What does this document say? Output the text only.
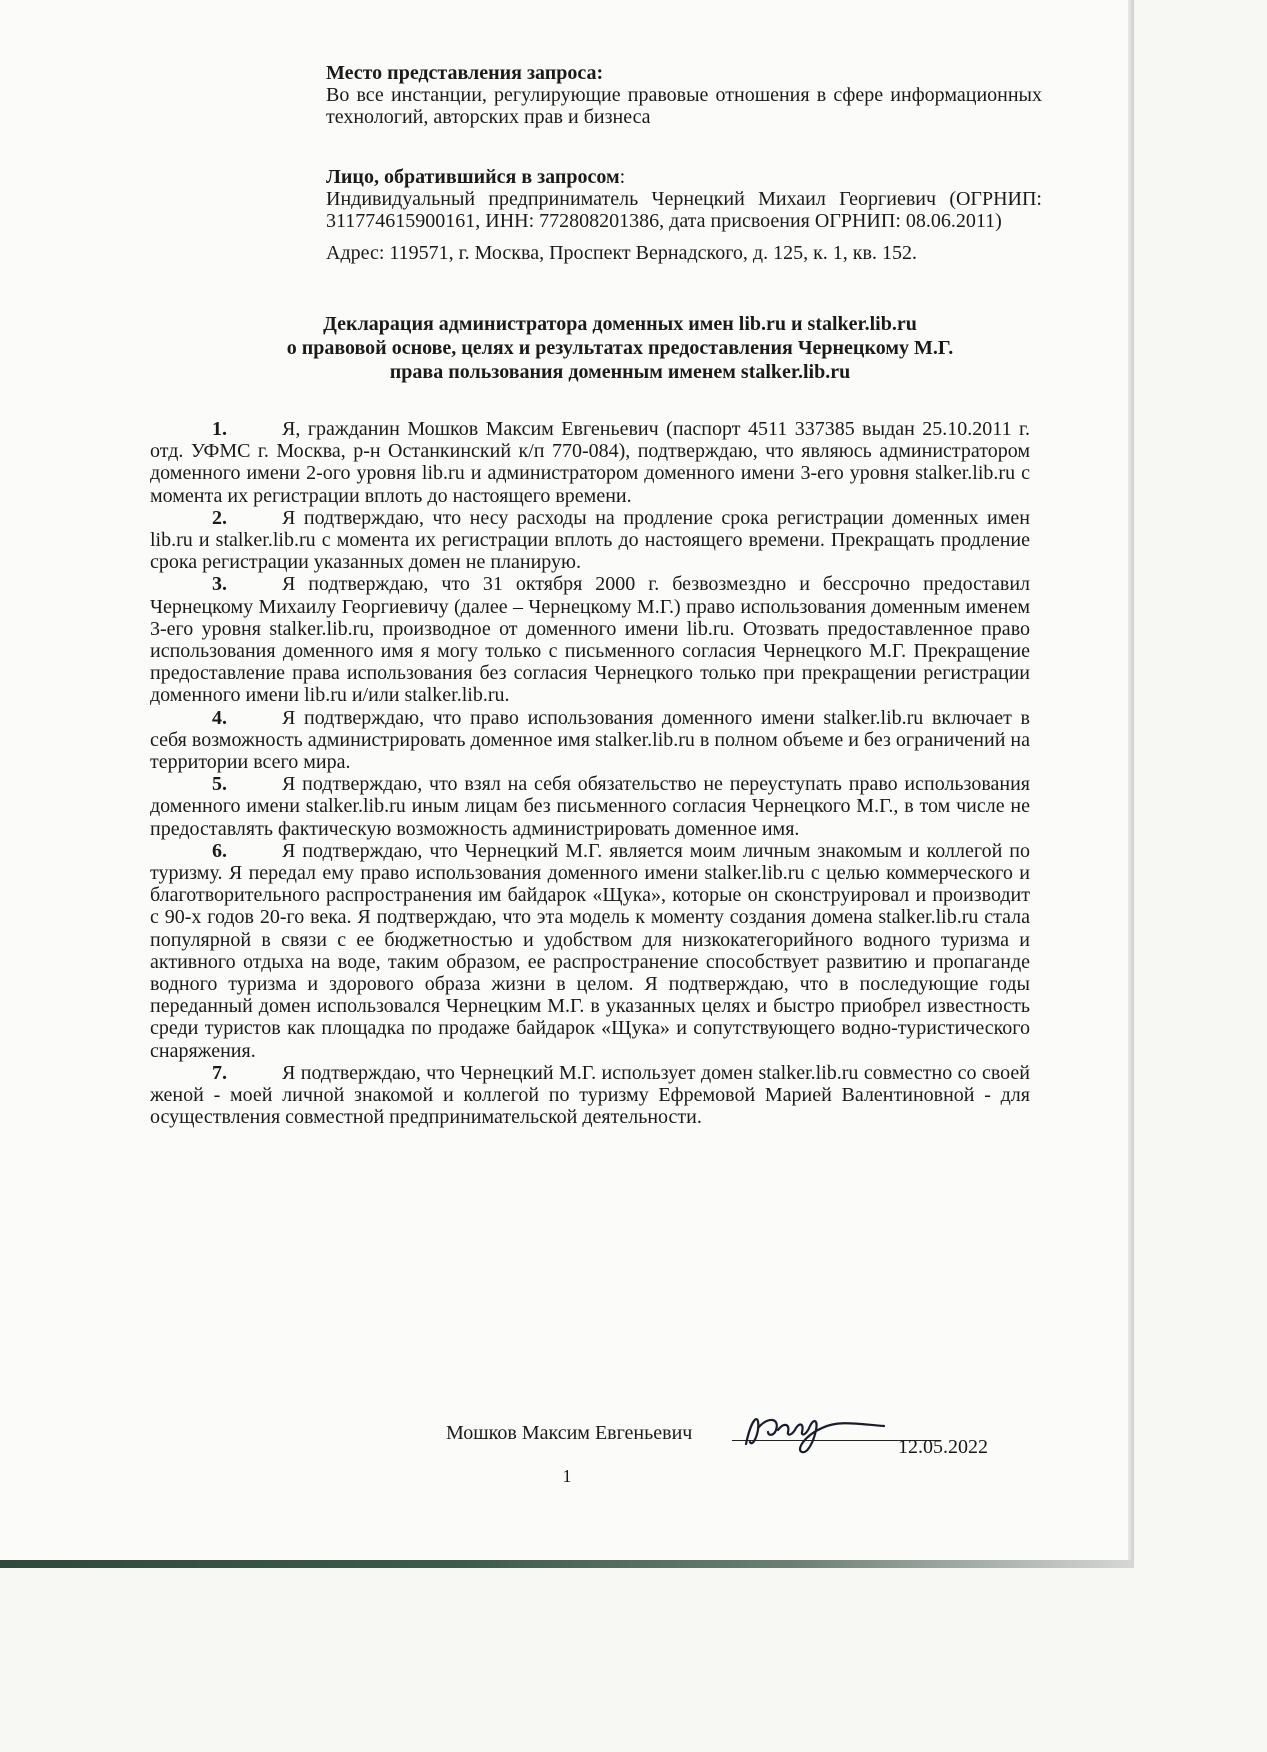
Место представления запроса:
Во все инстанции, регулирующие правовые отношения в сфере информационных технологий, авторских прав и бизнеса
Лицо, обратившийся в запросом:
Индивидуальный предприниматель Чернецкий Михаил Георгиевич (ОГРНИП: 311774615900161, ИНН: 772808201386, дата присвоения ОГРНИП: 08.06.2011)
Адрес: 119571, г. Москва, Проспект Вернадского, д. 125, к. 1, кв. 152.
Декларация администратора доменных имен lib.ru и stalker.lib.ru
о правовой основе, целях и результатах предоставления Чернецкому М.Г.
права пользования доменным именем stalker.lib.ru

1.	Я, гражданин Мошков Максим Евгеньевич (паспорт 4511 337385 выдан 25.10.2011 г. отд. УФМС г. Москва, р-н Останкинский к/п 770-084), подтверждаю, что являюсь администратором доменного имени 2-ого уровня lib.ru и администратором доменного имени 3-его уровня stalker.lib.ru с момента их регистрации вплоть до настоящего времени.

2.	Я подтверждаю, что несу расходы на продление срока регистрации доменных имен lib.ru и stalker.lib.ru с момента их регистрации вплоть до настоящего времени. Прекращать продление срока регистрации указанных домен не планирую.

3.	Я подтверждаю, что 31 октября 2000 г. безвозмездно и бессрочно предоставил Чернецкому Михаилу Георгиевичу (далее – Чернецкому М.Г.) право использования доменным именем 3-его уровня stalker.lib.ru, производное от доменного имени lib.ru. Отозвать предоставленное право использования доменного имя я могу только с письменного согласия Чернецкого М.Г. Прекращение предоставление права использования без согласия Чернецкого только при прекращении регистрации доменного имени lib.ru и/или stalker.lib.ru.

4.	Я подтверждаю, что право использования доменного имени stalker.lib.ru включает в себя возможность администрировать доменное имя stalker.lib.ru в полном объеме и без ограничений на территории всего мира.

5.	Я подтверждаю, что взял на себя обязательство не переуступать право использования доменного имени stalker.lib.ru иным лицам без письменного согласия Чернецкого М.Г., в том числе не предоставлять фактическую возможность администрировать доменное имя.

6.	Я подтверждаю, что Чернецкий М.Г. является моим личным знакомым и коллегой по туризму. Я передал ему право использования доменного имени stalker.lib.ru с целью коммерческого и благотворительного распространения им байдарок «Щука», которые он сконструировал и производит с 90-х годов 20-го века. Я подтверждаю, что эта модель к моменту создания домена stalker.lib.ru стала популярной в связи с ее бюджетностью и удобством для низкокатегорийного водного туризма и активного отдыха на воде, таким образом, ее распространение способствует развитию и пропаганде водного туризма и здорового образа жизни в целом. Я подтверждаю, что в последующие годы переданный домен использовался Чернецким М.Г. в указанных целях и быстро приобрел известность среди туристов как площадка по продаже байдарок «Щука» и сопутствующего водно-туристического снаряжения.

7.	Я подтверждаю, что Чернецкий М.Г. использует домен stalker.lib.ru совместно со своей женой - моей личной знакомой и коллегой по туризму Ефремовой Марией Валентиновной - для осуществления совместной предпринимательской деятельности.

Мошков Максим Евгеньевич
12.05.2022
1
